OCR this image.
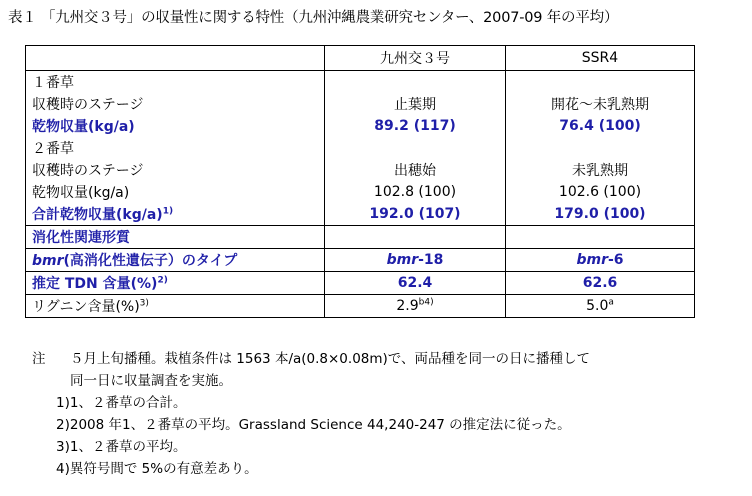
表１ 「九州交３号」の収量性に関する特性（九州沖縄農業研究センター、2007-09 年の平均）
	九州交３号	SSR4
１番草		
収穫時のステージ	止葉期	開花～未乳熟期
乾物収量(kg/a)	89.2 (117)	76.4 (100)
２番草		
収穫時のステージ	出穂始	未乳熟期
乾物収量(kg/a)	102.8 (100)	102.6 (100)
合計乾物収量$(kg/a)^{1)}$	192.0 (107)	179.0 (100)
消化性関連形質		
bmr(高消化性遺伝子）のタイプ	bmr-18	bmr-6
推定 TDN 含量(%)$^{2)}$	62.4	62.6
リグニン含量(%)$^{3)}$	$2.9^{b4)}$	5.0$^a$
注 ５月上旬播種。栽植条件は 1563 本/a(0.8×0.08m)で、両品種を同一の日に播種して
同一日に収量調査を実施。
1)1、２番草の合計。
2)2008 年1、２番草の平均。Grassland Science 44,240-247 の推定法に従った。
3)1、２番草の平均。
4)異符号間で 5%の有意差あり。
